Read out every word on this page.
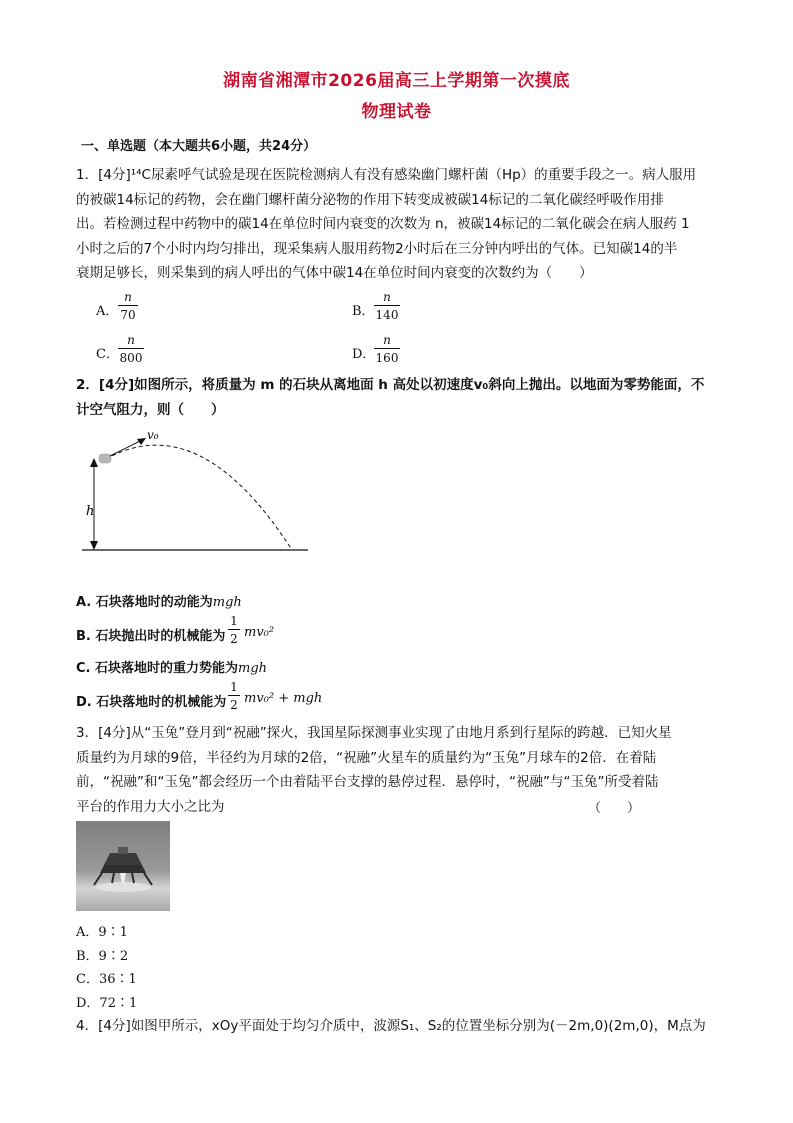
湖南省湘潭市2026届高三上学期第一次摸底
物理试卷
一、单选题（本大题共6小题，共24分）
1．[4分]¹⁴C尿素呼气试验是现在医院检测病人有没有感染幽门螺杆菌（Hp）的重要手段之一。病人服用
的被碳14标记的药物，会在幽门螺杆菌分泌物的作用下转变成被碳14标记的二氧化碳经呼吸作用排
出。若检测过程中药物中的碳14在单位时间内衰变的次数为 n，被碳14标记的二氧化碳会在病人服药 1
小时之后的7个小时内均匀排出，现采集病人服用药物2小时后在三分钟内呼出的气体。已知碳14的半
衰期足够长，则采集到的病人呼出的气体中碳14在单位时间内衰变的次数约为（　　）
A．
n
70	B．
n
140
C．
n
800	D．
n
160
2．[4分]如图所示，将质量为 m 的石块从离地面 h 高处以初速度v₀斜向上抛出。以地面为零势能面，不
计空气阻力，则（　　）
h
v₀
A. 石块落地时的动能为mgh
B. 石块抛出时的机械能为
1
2 mv₀²
C. 石块落地时的重力势能为mgh
D. 石块落地时的机械能为
1
2 mv₀² + mgh
3．[4分]从“玉兔”登月到“祝融”探火，我国星际探测事业实现了由地月系到行星际的跨越．已知火星
质量约为月球的9倍，半径约为月球的2倍，“祝融”火星车的质量约为“玉兔”月球车的2倍．在着陆
前，“祝融”和“玉兔”都会经历一个由着陆平台支撑的悬停过程．悬停时，“祝融”与“玉兔”所受着陆
平台的作用力大小之比为	（　　）
A．9∶1
B．9∶2
C．36∶1
D．72∶1
4．[4分]如图甲所示，xOy平面处于均匀介质中，波源S₁、S₂的位置坐标分别为(－2m,0)(2m,0)，M点为
